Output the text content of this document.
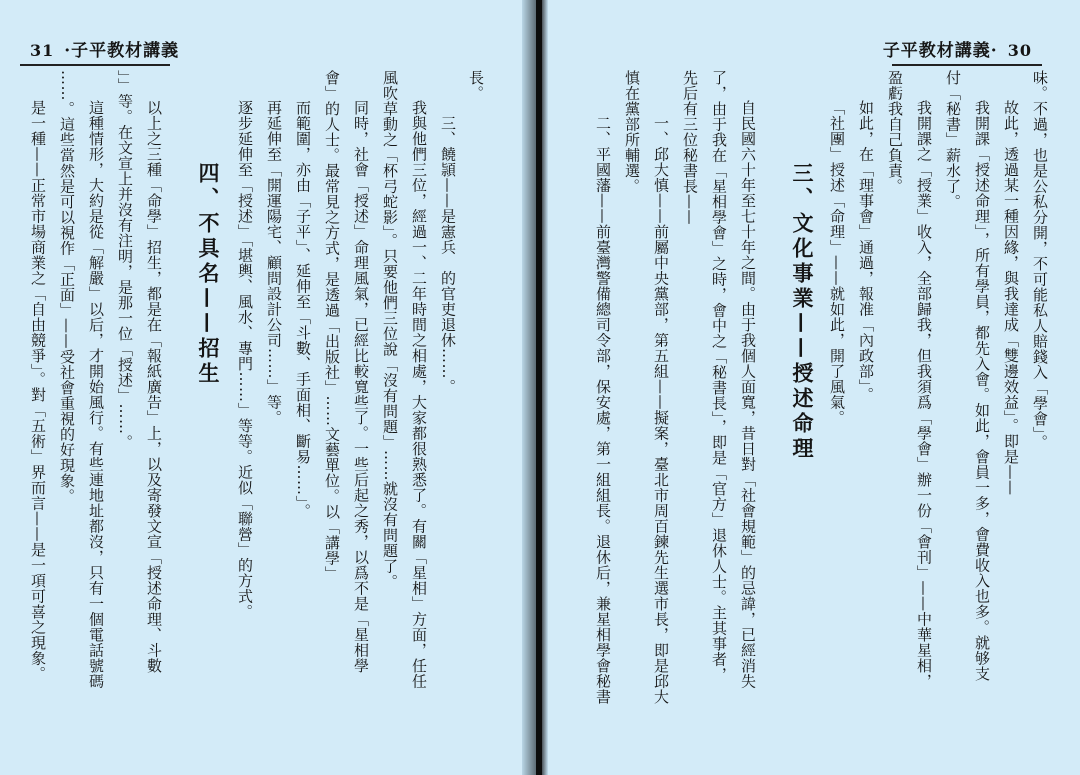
31 ·子平教材講義
長。
　三、饒頴——是憲兵　的官吏退休……。
我與他們三位，經過一、二年時間之相處，大家都很熟悉了。有關「星相」方面，任任
風吹草動之「杯弓蛇影」。只要他們三位說「沒有問題」……就沒有問題了。
同時，社會「授述」命理風氣，已經比較寬些了。一些后起之秀，以爲不是「星相學
會」的人士。最常見之方式，是透過「出版社」……文藝單位。以「講學」
而範圍，亦由「子平」、延伸至「斗數、手面相、斷易……」。
再延伸至「開運陽宅、顧問設計公司……」等。
逐步延伸至「授述」「堪輿、風水、專門……」等等。近似「聯營」的方式。
　　四、不具名——招生
以上之三種「命學」招生，都是在「報紙廣告」上，以及寄發文宣「授述命理、斗數
」」等。在文宣上并沒有注明，是那一位「授述」……。
這種情形，大約是從「解嚴」以后，才開始風行。有些連地址都沒，只有一個電話號碼
……。這些當然是可以視作「正面」——受社會重視的好現象。
是一種——正常市場商業之「自由競爭」。對「五術」界而言——是一項可喜之現象。
子平教材講義· 30
味。不過，也是公私分開，不可能私人賠錢入「學會」。
故此，透過某一種因緣，與我達成「雙邊效益」。即是——
我開課「授述命理」，所有學員，都先入會。如此，會員一多，會費收入也多。就够支
付「秘書」薪水了。
我開課之「授業」收入，全部歸我，但我須爲「學會」辦一份「會刊」——中華星相，
盈虧我自己負責。
如此，在「理事會」通過，報准「內政部」。
「社團」授述「命理」——就如此，開了風氣。
　　三、文化事業——授述命理
自民國六十年至七十年之間。由于我個人面寬，昔日對「社會規範」的忌諱，已經消失
了，由于我在「星相學會」之時，會中之「秘書長」，即是「官方」退休人士。主其事者，
先后有三位秘書長——
　一、邱大慎——前屬中央黨部，第五組——擬案，臺北市周百鍊先生選市長，即是邱大
慎在黨部所輔選。
　二、平國藩——前臺灣警備總司令部，保安處，第一組組長。退休后，兼星相學會秘書
